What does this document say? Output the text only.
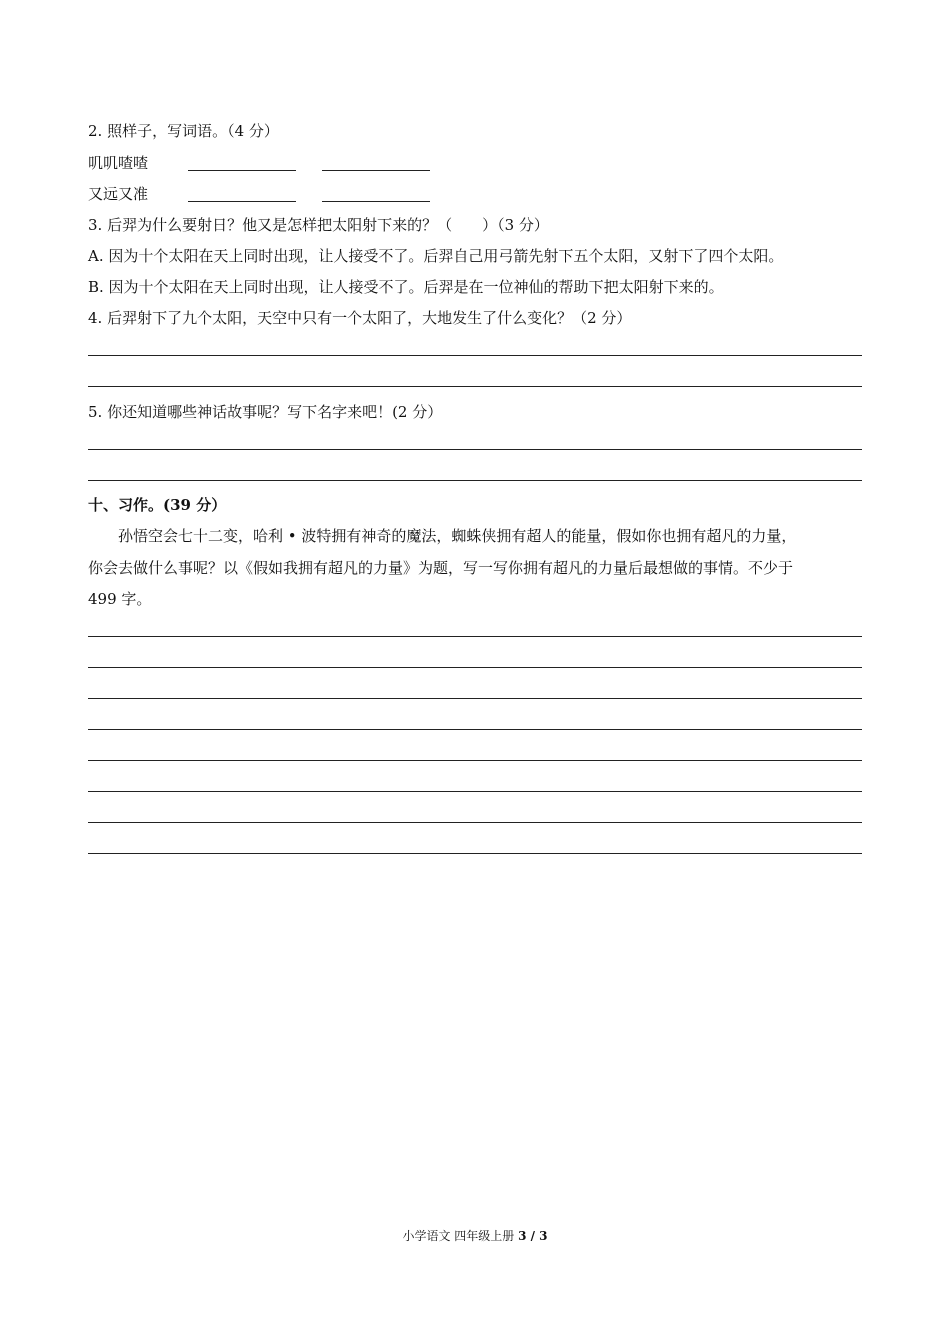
2. 照样子，写词语。（4 分）
叽叽喳喳
又远又准
3. 后羿为什么要射日？他又是怎样把太阳射下来的？（　　）（3 分）
A. 因为十个太阳在天上同时出现，让人接受不了。后羿自己用弓箭先射下五个太阳，又射下了四个太阳。
B. 因为十个太阳在天上同时出现，让人接受不了。后羿是在一位神仙的帮助下把太阳射下来的。
4. 后羿射下了九个太阳，天空中只有一个太阳了，大地发生了什么变化？（2 分）
5. 你还知道哪些神话故事呢？写下名字来吧！(2 分）
十、习作。(39 分）
孙悟空会七十二变，哈利 • 波特拥有神奇的魔法，蜘蛛侠拥有超人的能量，假如你也拥有超凡的力量，
你会去做什么事呢？以《假如我拥有超凡的力量》为题，写一写你拥有超凡的力量后最想做的事情。不少于
499 字。
小学语文 四年级上册 3 / 3
